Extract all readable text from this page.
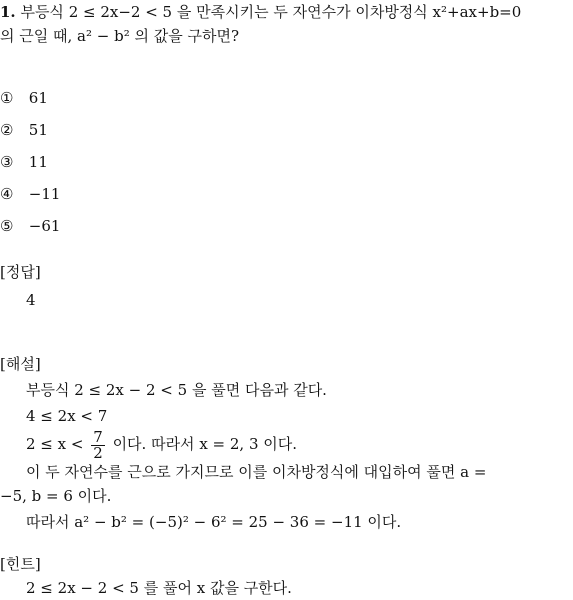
1. 부등식 2 ≤ 2x−2 < 5 을 만족시키는 두 자연수가 이차방정식 x²+ax+b=0
의 근일 때, a² − b² 의 값을 구하면?
① 61
② 51
③ 11
④ −11
⑤ −61
[정답]
4
[해설]
부등식 2 ≤ 2x − 2 < 5 을 풀면 다음과 같다.
4 ≤ 2x < 7
$2 \le x < \frac{7}{2}$ 이다. 따라서 x = 2, 3 이다.
이 두 자연수를 근으로 가지므로 이를 이차방정식에 대입하여 풀면 a =
−5, b = 6 이다.
따라서 a² − b² = (−5)² − 6² = 25 − 36 = −11 이다.
[힌트]
2 ≤ 2x − 2 < 5 를 풀어 x 값을 구한다.
